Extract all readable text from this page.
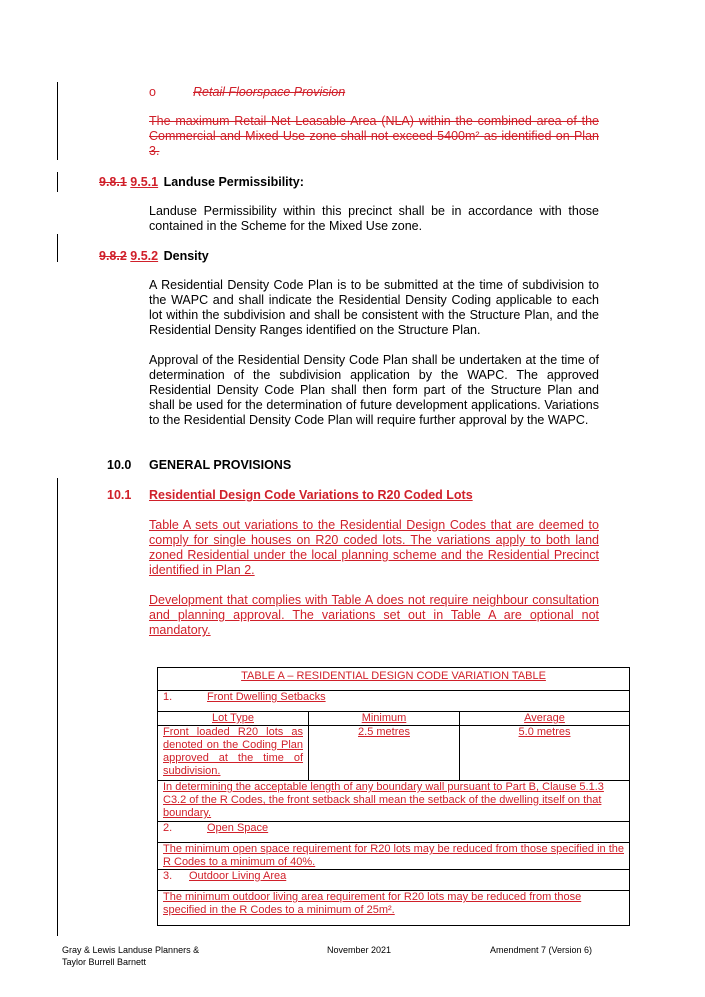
o	Retail Floorspace Provision
The maximum Retail Net Leasable Area (NLA) within the combined area of the Commercial and Mixed Use zone shall not exceed 5400m² as identified on Plan 3.
9.8.1 9.5.1 Landuse Permissibility:
Landuse Permissibility within this precinct shall be in accordance with those contained in the Scheme for the Mixed Use zone.
9.8.2 9.5.2 Density
A Residential Density Code Plan is to be submitted at the time of subdivision to the WAPC and shall indicate the Residential Density Coding applicable to each lot within the subdivision and shall be consistent with the Structure Plan, and the Residential Density Ranges identified on the Structure Plan.
Approval of the Residential Density Code Plan shall be undertaken at the time of determination of the subdivision application by the WAPC. The approved Residential Density Code Plan shall then form part of the Structure Plan and shall be used for the determination of future development applications. Variations to the Residential Density Code Plan will require further approval by the WAPC.
10.0 GENERAL PROVISIONS
10.1 Residential Design Code Variations to R20 Coded Lots
Table A sets out variations to the Residential Design Codes that are deemed to comply for single houses on R20 coded lots. The variations apply to both land zoned Residential under the local planning scheme and the Residential Precinct identified in Plan 2.
Development that complies with Table A does not require neighbour consultation and planning approval. The variations set out in Table A are optional not mandatory.
TABLE A – RESIDENTIAL DESIGN CODE VARIATION TABLE		
1. Front Dwelling Setbacks		
Lot Type	Minimum	Average
Front loaded R20 lots as denoted on the Coding Plan approved at the time of subdivision.	2.5 metres	5.0 metres
In determining the acceptable length of any boundary wall pursuant to Part B, Clause 5.1.3 C3.2 of the R Codes, the front setback shall mean the setback of the dwelling itself on that boundary.		
2. Open Space		
The minimum open space requirement for R20 lots may be reduced from those specified in the R Codes to a minimum of 40%.		
3. Outdoor Living Area		
The minimum outdoor living area requirement for R20 lots may be reduced from those specified in the R Codes to a minimum of 25m².		
Gray & Lewis Landuse Planners &
Taylor Burrell Barnett
November 2021	Amendment 7 (Version 6)
